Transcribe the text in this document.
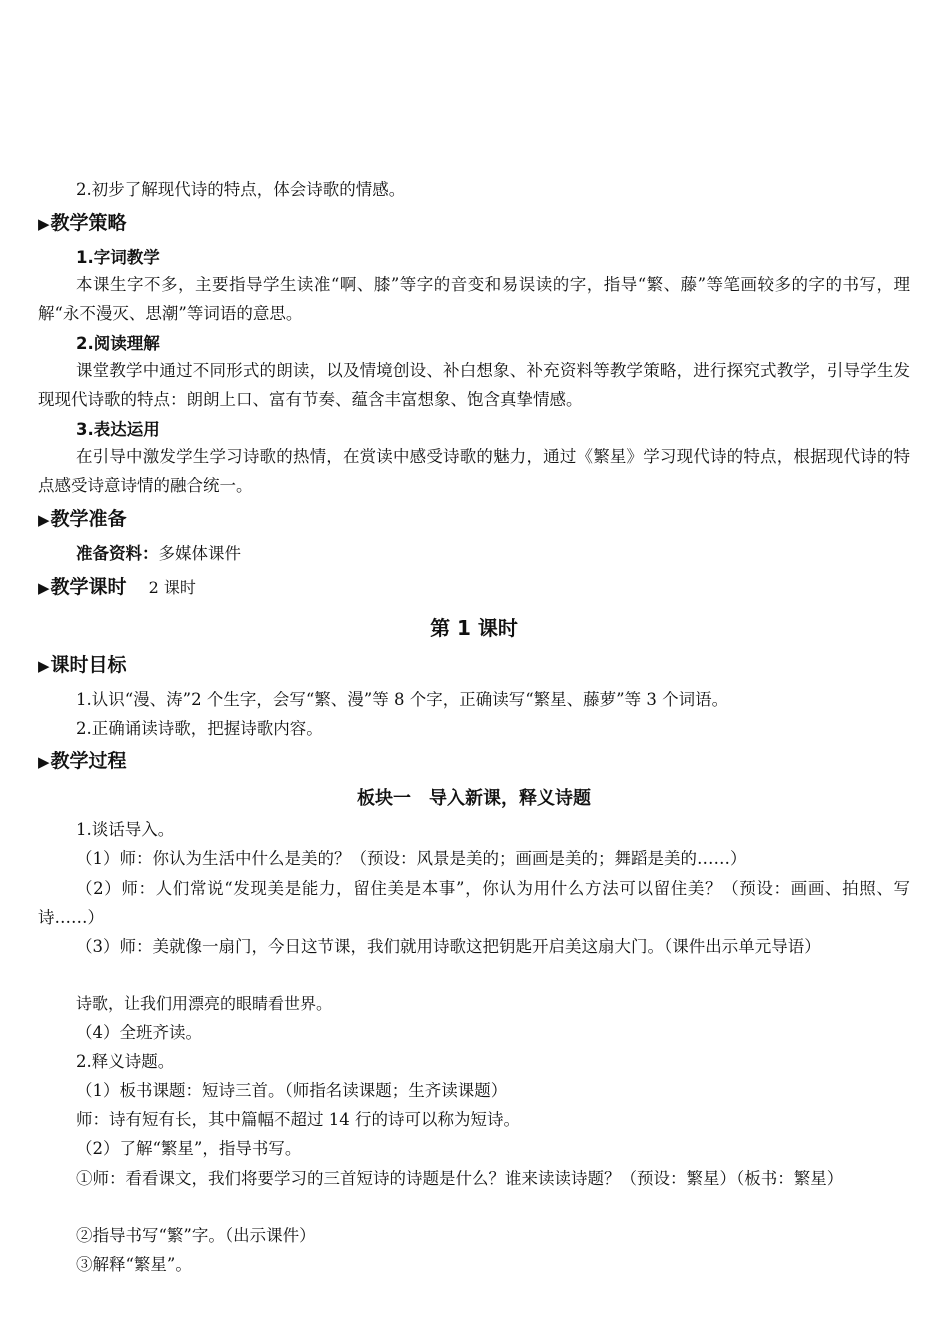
2.初步了解现代诗的特点，体会诗歌的情感。
▶教学策略
1.字词教学
本课生字不多，主要指导学生读准“啊、膝”等字的音变和易误读的字，指导“繁、藤”等笔画较多的字的书写，理解“永不漫灭、思潮”等词语的意思。
2.阅读理解
课堂教学中通过不同形式的朗读，以及情境创设、补白想象、补充资料等教学策略，进行探究式教学，引导学生发现现代诗歌的特点：朗朗上口、富有节奏、蕴含丰富想象、饱含真挚情感。
3.表达运用
在引导中激发学生学习诗歌的热情，在赏读中感受诗歌的魅力，通过《繁星》学习现代诗的特点，根据现代诗的特点感受诗意诗情的融合统一。
▶教学准备
准备资料：多媒体课件
▶教学课时 2 课时
第 1 课时
▶课时目标
1.认识“漫、涛”2 个生字，会写“繁、漫”等 8 个字，正确读写“繁星、藤萝”等 3 个词语。
2.正确诵读诗歌，把握诗歌内容。
▶教学过程
板块一　导入新课，释义诗题
1.谈话导入。
（1）师：你认为生活中什么是美的？（预设：风景是美的；画画是美的；舞蹈是美的……）
（2）师：人们常说“发现美是能力，留住美是本事”，你认为用什么方法可以留住美？（预设：画画、拍照、写诗……）
（3）师：美就像一扇门，今日这节课，我们就用诗歌这把钥匙开启美这扇大门。（课件出示单元导语）
诗歌，让我们用漂亮的眼睛看世界。
（4）全班齐读。
2.释义诗题。
（1）板书课题：短诗三首。（师指名读课题；生齐读课题）
师：诗有短有长，其中篇幅不超过 14 行的诗可以称为短诗。
（2）了解“繁星”，指导书写。
①师：看看课文，我们将要学习的三首短诗的诗题是什么？谁来读读诗题？（预设：繁星）（板书：繁星）
②指导书写“繁”字。（出示课件）
③解释“繁星”。
